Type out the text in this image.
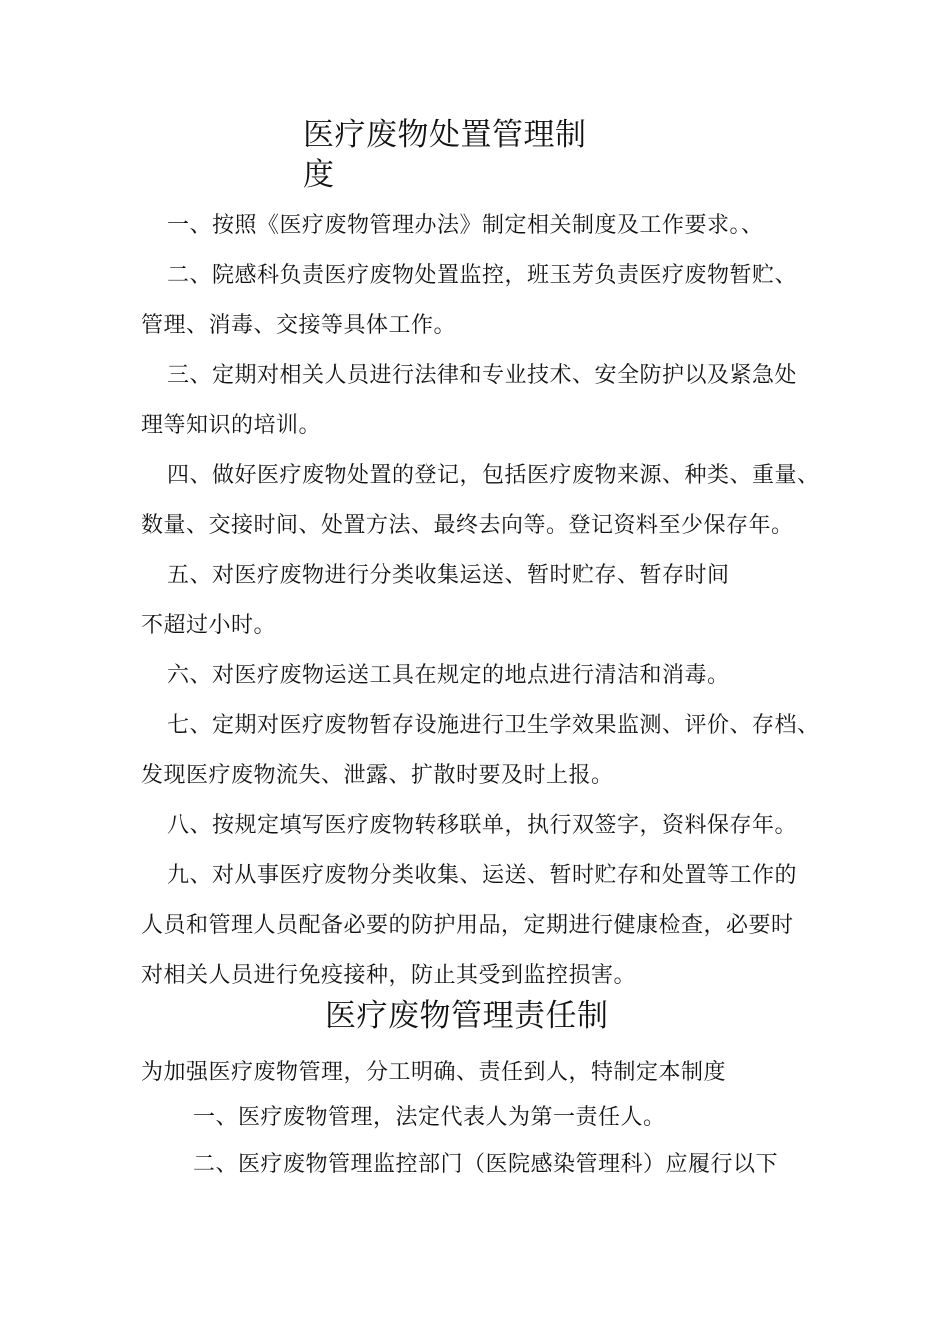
医疗废物处置管理制
度
一、按照《医疗废物管理办法》制定相关制度及工作要求。、
二、院感科负责医疗废物处置监控，班玉芳负责医疗废物暂贮、
管理、消毒、交接等具体工作。
三、定期对相关人员进行法律和专业技术、安全防护以及紧急处
理等知识的培训。
四、做好医疗废物处置的登记，包括医疗废物来源、种类、重量、
数量、交接时间、处置方法、最终去向等。登记资料至少保存年。
五、对医疗废物进行分类收集运送、暂时贮存、暂存时间
不超过小时。
六、对医疗废物运送工具在规定的地点进行清洁和消毒。
七、定期对医疗废物暂存设施进行卫生学效果监测、评价、存档、
发现医疗废物流失、泄露、扩散时要及时上报。
八、按规定填写医疗废物转移联单，执行双签字，资料保存年。
九、对从事医疗废物分类收集、运送、暂时贮存和处置等工作的
人员和管理人员配备必要的防护用品，定期进行健康检查，必要时
对相关人员进行免疫接种，防止其受到监控损害。
医疗废物管理责任制
为加强医疗废物管理，分工明确、责任到人，特制定本制度
一、医疗废物管理，法定代表人为第一责任人。
二、医疗废物管理监控部门（医院感染管理科）应履行以下
